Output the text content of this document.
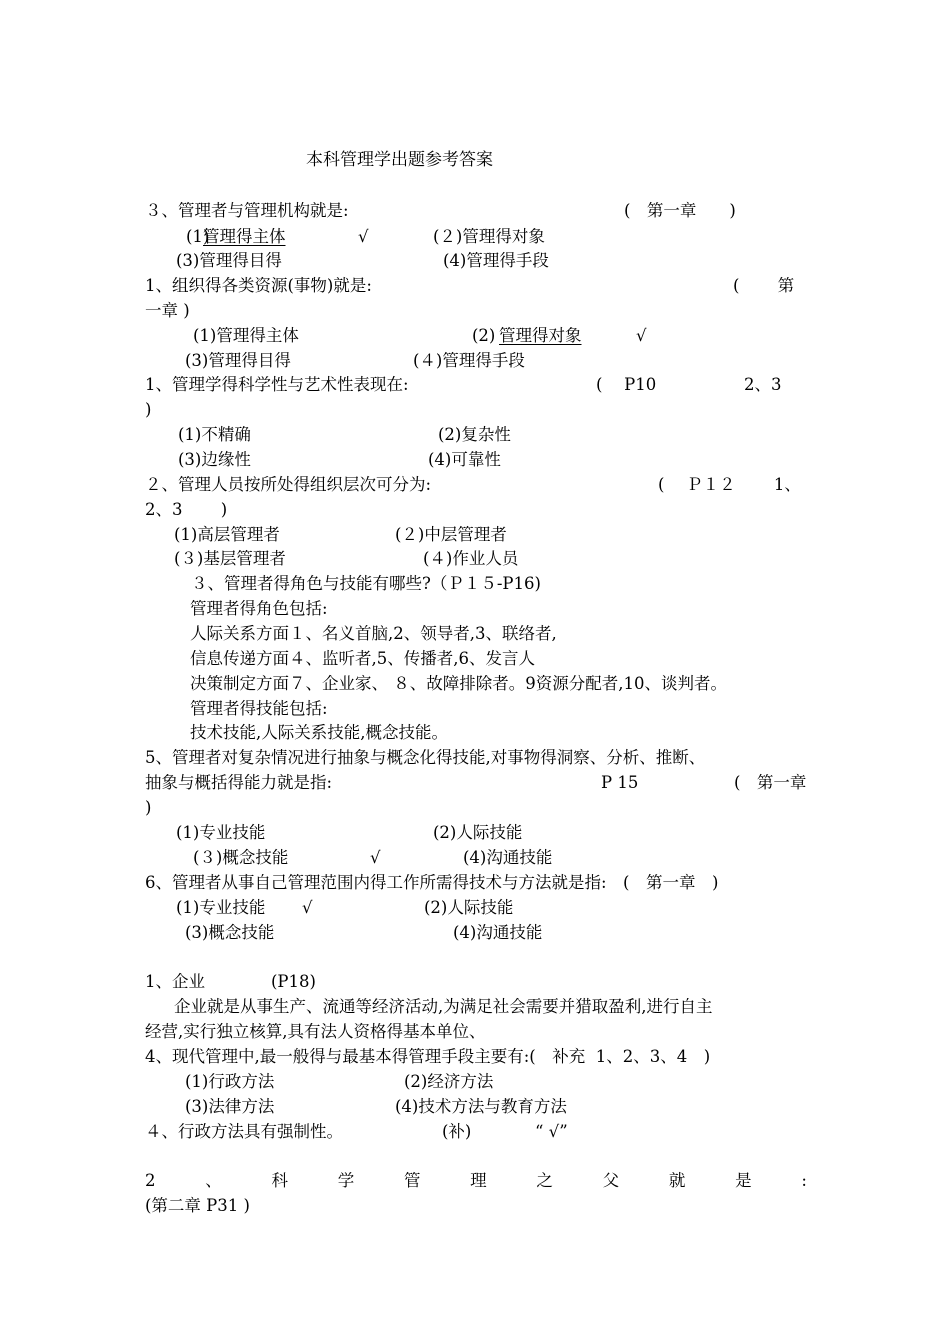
本科管理学出题参考答案
３、管理者与管理机构就是:	(　第一章　　)
(1)
管理得主体	√	(２)管理得对象
(3)管理得目得	(4)管理得手段
1、组织得各类资源(事物)就是:	(　　 第
一章 )
(1)管理得主体	(2) 管理得对象	√
(3)管理得目得	(４)管理得手段
1、管理学得科学性与艺术性表现在:	(　 P10　　　　　 2、3
)
(1)不精确	(2)复杂性
(3)边缘性	(4)可靠性
２、管理人员按所处得组织层次可分为:	(　 Ｐ１２　　 1、
2、3　　 )
(1)高层管理者	(２)中层管理者
(３)基层管理者	(４)作业人员
３、管理者得角色与技能有哪些?（Ｐ１５-P16)
管理者得角色包括:
人际关系方面１、名义首脑,2、领导者,3、联络者,
信息传递方面４、监听者,5、传播者,6、发言人
决策制定方面７、企业家、 ８、故障排除者。9资源分配者,10、谈判者。
管理者得技能包括:
技术技能,人际关系技能,概念技能。
5、管理者对复杂情况进行抽象与概念化得技能,对事物得洞察、分析、推断、
抽象与概括得能力就是指:	P 15	(　第一章
)
(1)专业技能	(2)人际技能
(３)概念技能	√	(4)沟通技能
6、管理者从事自己管理范围内得工作所需得技术与方法就是指:　(　第一章　)
(1)专业技能 √	(2)人际技能
(3)概念技能	(4)沟通技能
1、企业	(P18)
企业就是从事生产、流通等经济活动,为满足社会需要并猎取盈利,进行自主
经营,实行独立核算,具有法人资格得基本单位、
4、现代管理中,最一般得与最基本得管理手段主要有:(　补充  1、2、3、4　)
(1)行政方法	(2)经济方法
(3)法律方法	(4)技术方法与教育方法
４、行政方法具有强制性。	(补)	“ √”
2	、	科	学	管	理	之	父	就	是	:
(第二章 P31 )
